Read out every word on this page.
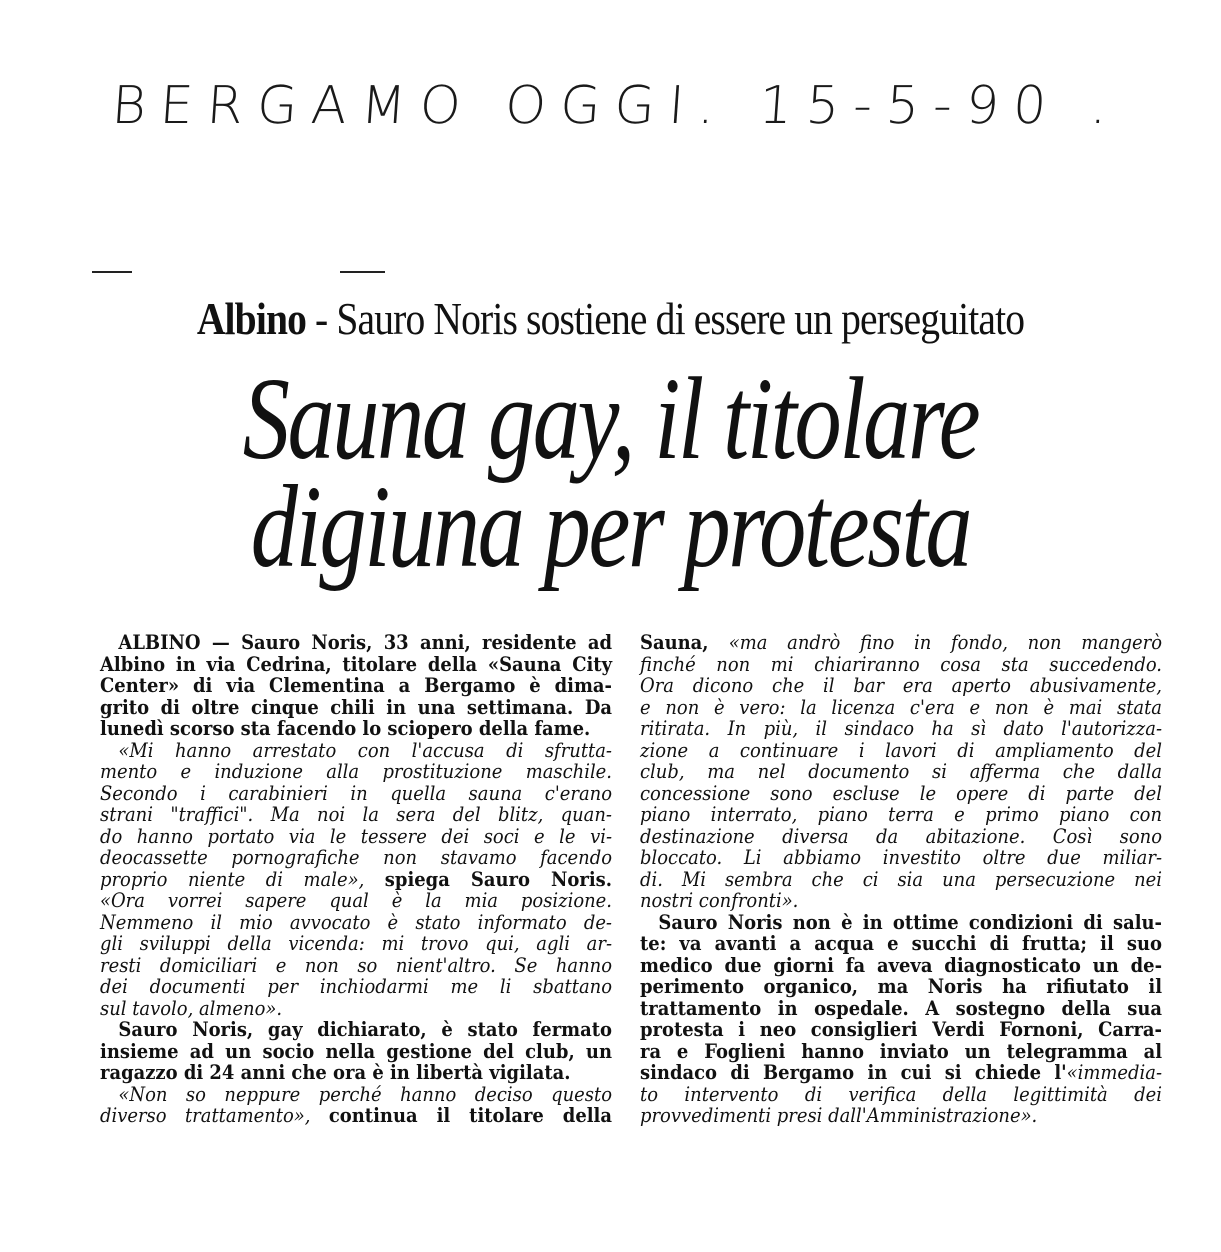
BERGAMO OGGI. 15-5-90 .
Albino - Sauro Noris sostiene di essere un perseguitato
Sauna gay, il titolare
digiuna per protesta
ALBINO — Sauro Noris, 33 anni, residente ad
Albino in via Cedrina, titolare della «Sauna City
Center» di via Clementina a Bergamo è dima-
grito di oltre cinque chili in una settimana. Da
lunedì scorso sta facendo lo sciopero della fame.
«Mi hanno arrestato con l'accusa di sfrutta-
mento e induzione alla prostituzione maschile.
Secondo i carabinieri in quella sauna c'erano
strani "traffici". Ma noi la sera del blitz, quan-
do hanno portato via le tessere dei soci e le vi-
deocassette pornografiche non stavamo facendo
proprio niente di male», spiega Sauro Noris.
«Ora vorrei sapere qual è la mia posizione.
Nemmeno il mio avvocato è stato informato de-
gli sviluppi della vicenda: mi trovo qui, agli ar-
resti domiciliari e non so nient'altro. Se hanno
dei documenti per inchiodarmi me li sbattano
sul tavolo, almeno».
Sauro Noris, gay dichiarato, è stato fermato
insieme ad un socio nella gestione del club, un
ragazzo di 24 anni che ora è in libertà vigilata.
«Non so neppure perché hanno deciso questo
diverso trattamento», continua il titolare della
Sauna, «ma andrò fino in fondo, non mangerò
finché non mi chiariranno cosa sta succedendo.
Ora dicono che il bar era aperto abusivamente,
e non è vero: la licenza c'era e non è mai stata
ritirata. In più, il sindaco ha sì dato l'autorizza-
zione a continuare i lavori di ampliamento del
club, ma nel documento si afferma che dalla
concessione sono escluse le opere di parte del
piano interrato, piano terra e primo piano con
destinazione diversa da abitazione. Così sono
bloccato. Li abbiamo investito oltre due miliar-
di. Mi sembra che ci sia una persecuzione nei
nostri confronti».
Sauro Noris non è in ottime condizioni di salu-
te: va avanti a acqua e succhi di frutta; il suo
medico due giorni fa aveva diagnosticato un de-
perimento organico, ma Noris ha rifiutato il
trattamento in ospedale. A sostegno della sua
protesta i neo consiglieri Verdi Fornoni, Carra-
ra e Foglieni hanno inviato un telegramma al
sindaco di Bergamo in cui si chiede l'«immedia-
to intervento di verifica della legittimità dei
provvedimenti presi dall'Amministrazione».
